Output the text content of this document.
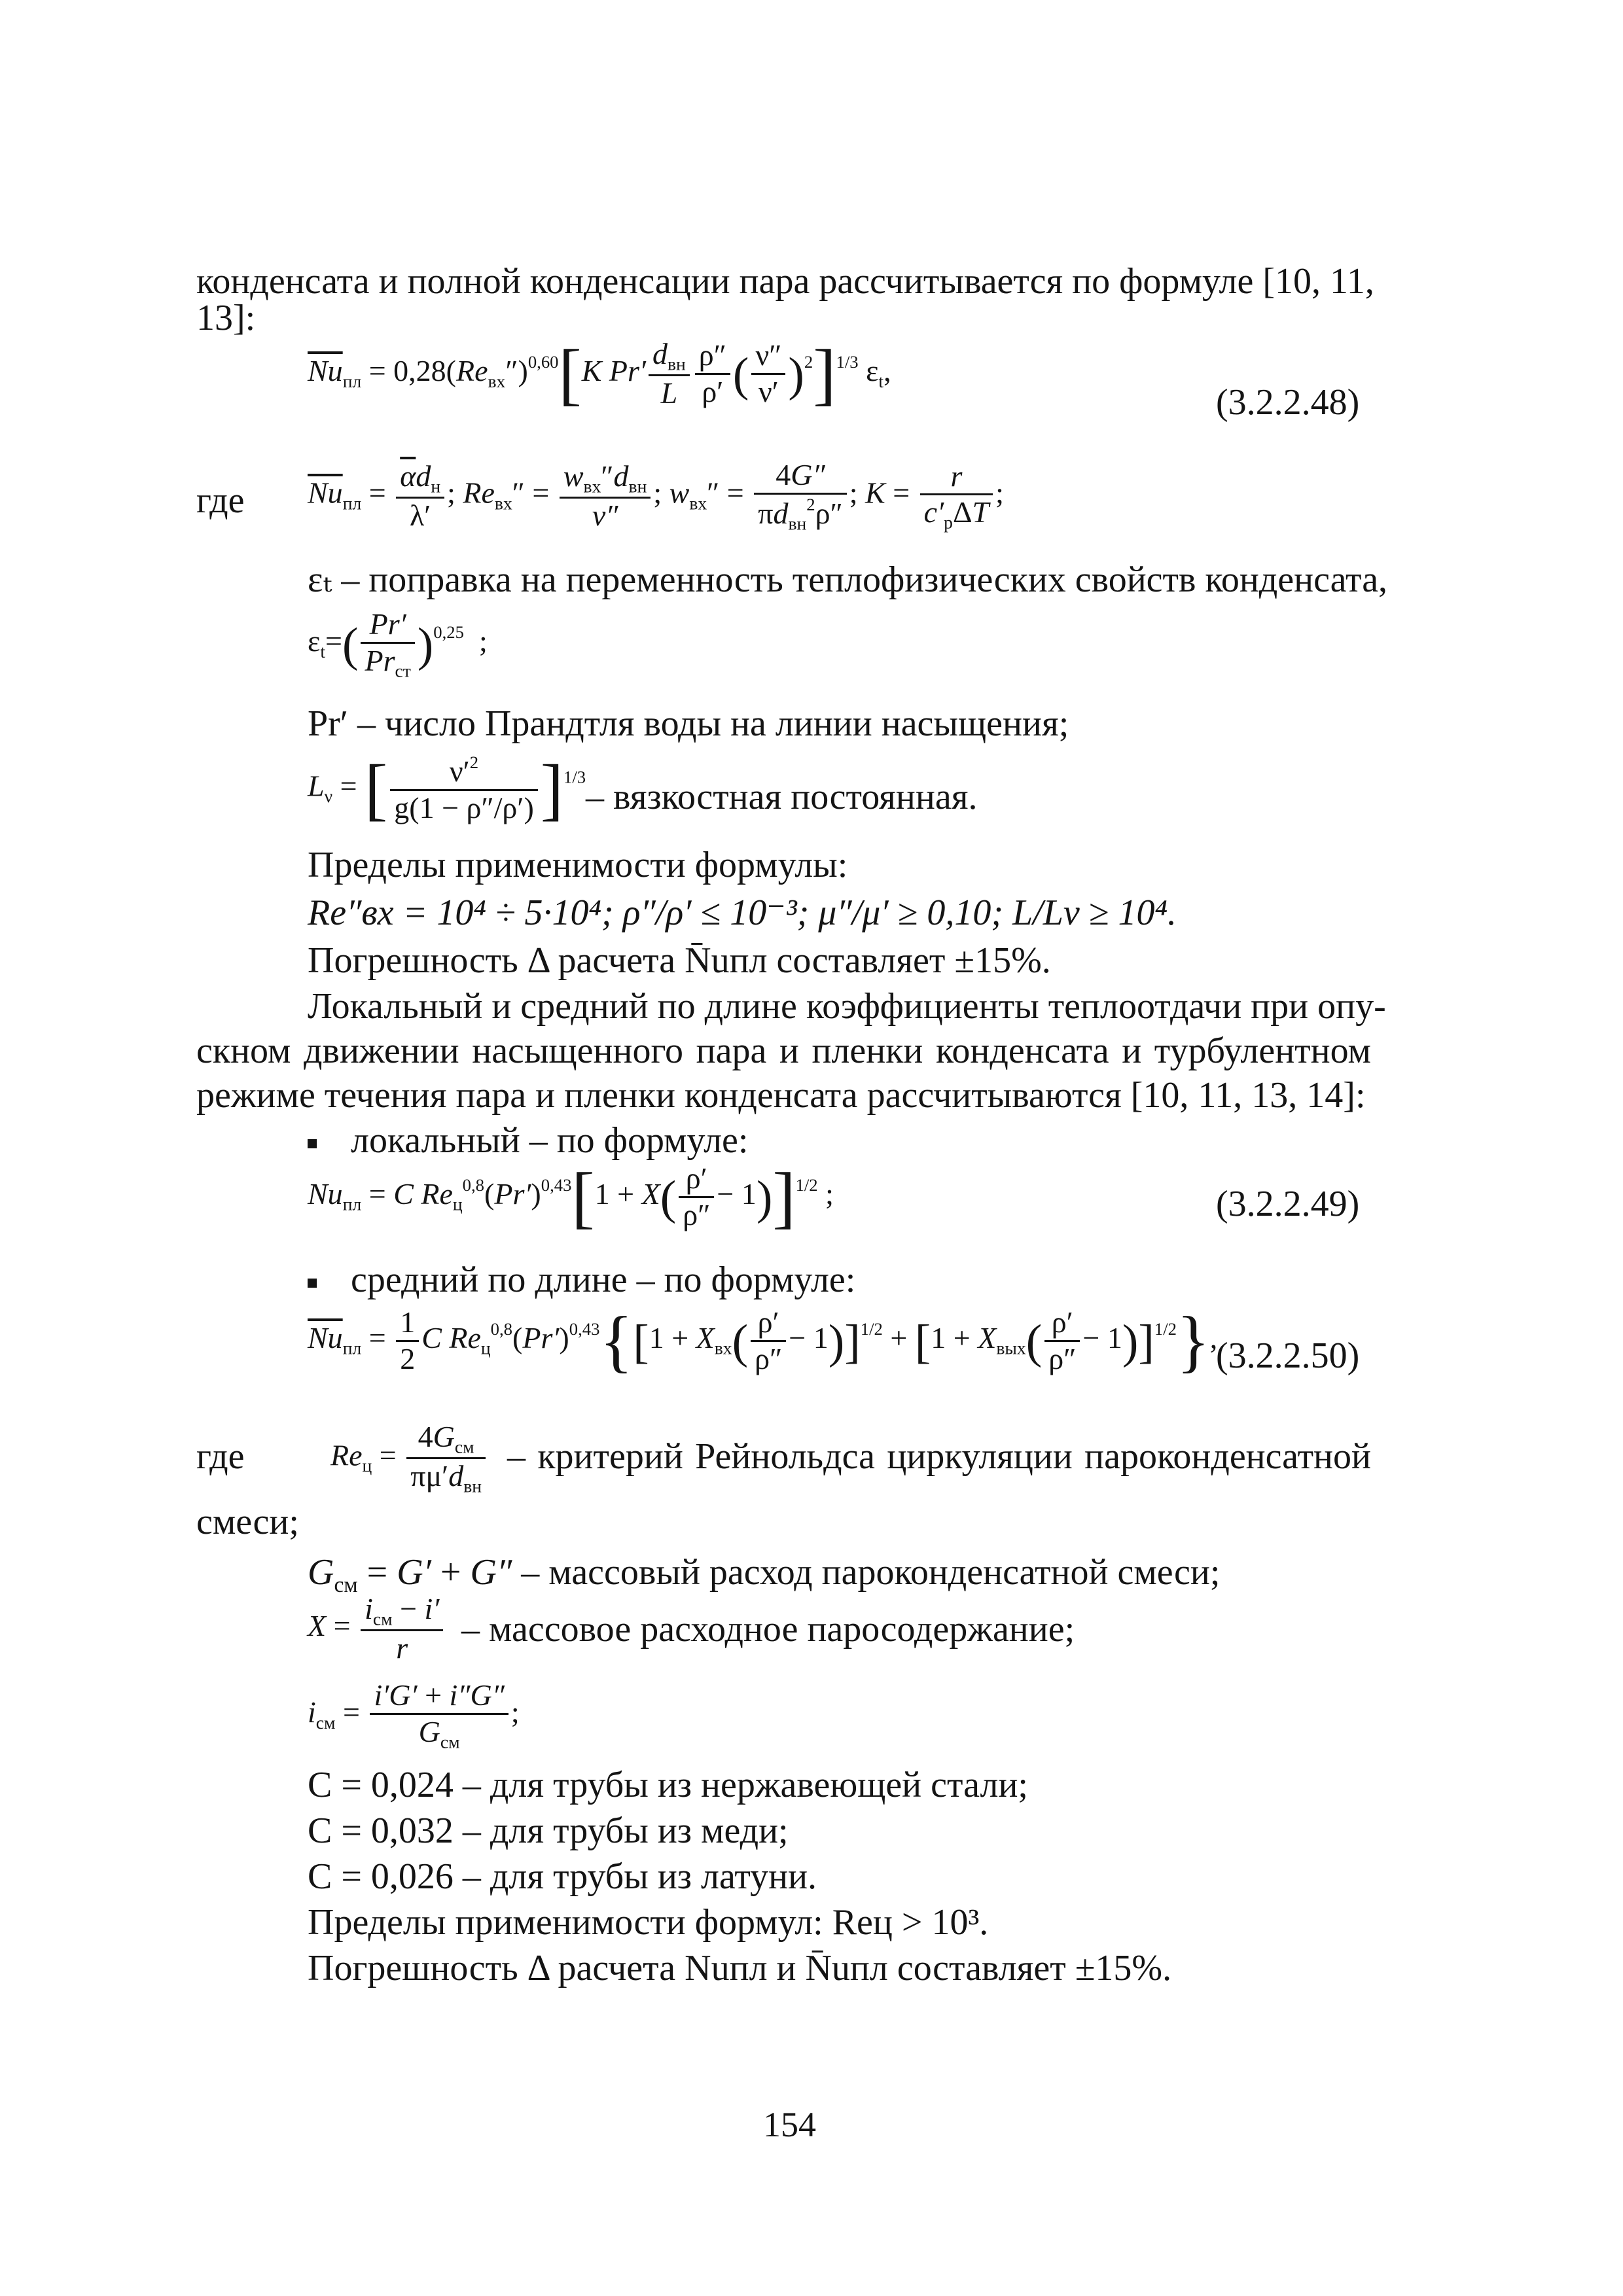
конденсата и полной конденсации пара рассчитывается по формуле [10, 11,
13]:
$\overline{Nu}_{пл} = 0,28(Re_{вх}'')^{0,60}[K$ Pr′
$d_{вн}$
L $\frac{\rho''}{\rho'}$ ( $\frac{\nu''}{\nu'} )^2]^{1/3}$ $\varepsilon_t$,
(3.2.2.48)
где $\overline{Nu}_{пл}$ =
$\overline{\alpha}d_н$
λ′
; $Re_{вх}''$ =
$w_{вх}''d_{вн}$
ν″
; $w_{вх}''$ =
4G″
$\pi d_{вн}^2\rho''$
; K =
r
$c'_p\Delta T$
;
εₜ – поправка на переменность теплофизических свойств конденсата,
$\varepsilon_t=$( Pr′
$Pr_{ст}$ )$^{0,25}$  ;
Pr′ – число Прандтля воды на линии насыщения;
$L_\nu$ = [ $\frac{\nu'^2}{g(1 - \rho''/\rho')} ]^{1/3}$ – вязкостная постоянная.
Пределы применимости формулы:
Re″вх = 10⁴ ÷ 5·10⁴; ρ″/ρ′ ≤ 10⁻³; μ″/μ′ ≥ 0,10; L/Lν ≥ 10⁴.
Погрешность Δ расчета N̄uпл составляет ±15%.
Локальный и средний по длине коэффициенты теплоотдачи при опу-
скном движении насыщенного пара и пленки конденсата и турбулентном
режиме течения пара и пленки конденсата рассчитываются [10, 11, 13, 14]:
локальный – по формуле:
$Nu_{пл} = C$ $Re_ц^{0,8}(Pr')^{0,43}[1 + X( \frac{\rho'}{\rho''} - 1)]^{1/2}$ ;	(3.2.2.49)
средний по длине – по формуле:
$\overline{Nu}_{пл} = \frac{1}{2}$ C $Re_ц^{0,8}(Pr')^{0,43}\{[1 + X_{вх}( \frac{\rho'}{\rho''} - 1)]^{1/2} + [1 + X_{вых}( \frac{\rho'}{\rho''} - 1)]^{1/2}\}$,
(3.2.2.50)
где	$Re_ц$ =
$4G_{см}$
$\pi\mu'd_{вн}$
– критерий Рейнольдса циркуляции пароконденсатной
смеси;
$G_{см} = G' + G''$ – массовый расход пароконденсатной смеси;
X =
$i_{см} - i'$
r	– массовое расходное паросодержание;
$i_{см}$ =
i′G′ + i″G″
$G_{см}$
;
C = 0,024 – для трубы из нержавеющей стали;
C = 0,032 – для трубы из меди;
C = 0,026 – для трубы из латуни.
Пределы применимости формул: Reц > 10³.
Погрешность Δ расчета Nuпл и N̄uпл составляет ±15%.
154
